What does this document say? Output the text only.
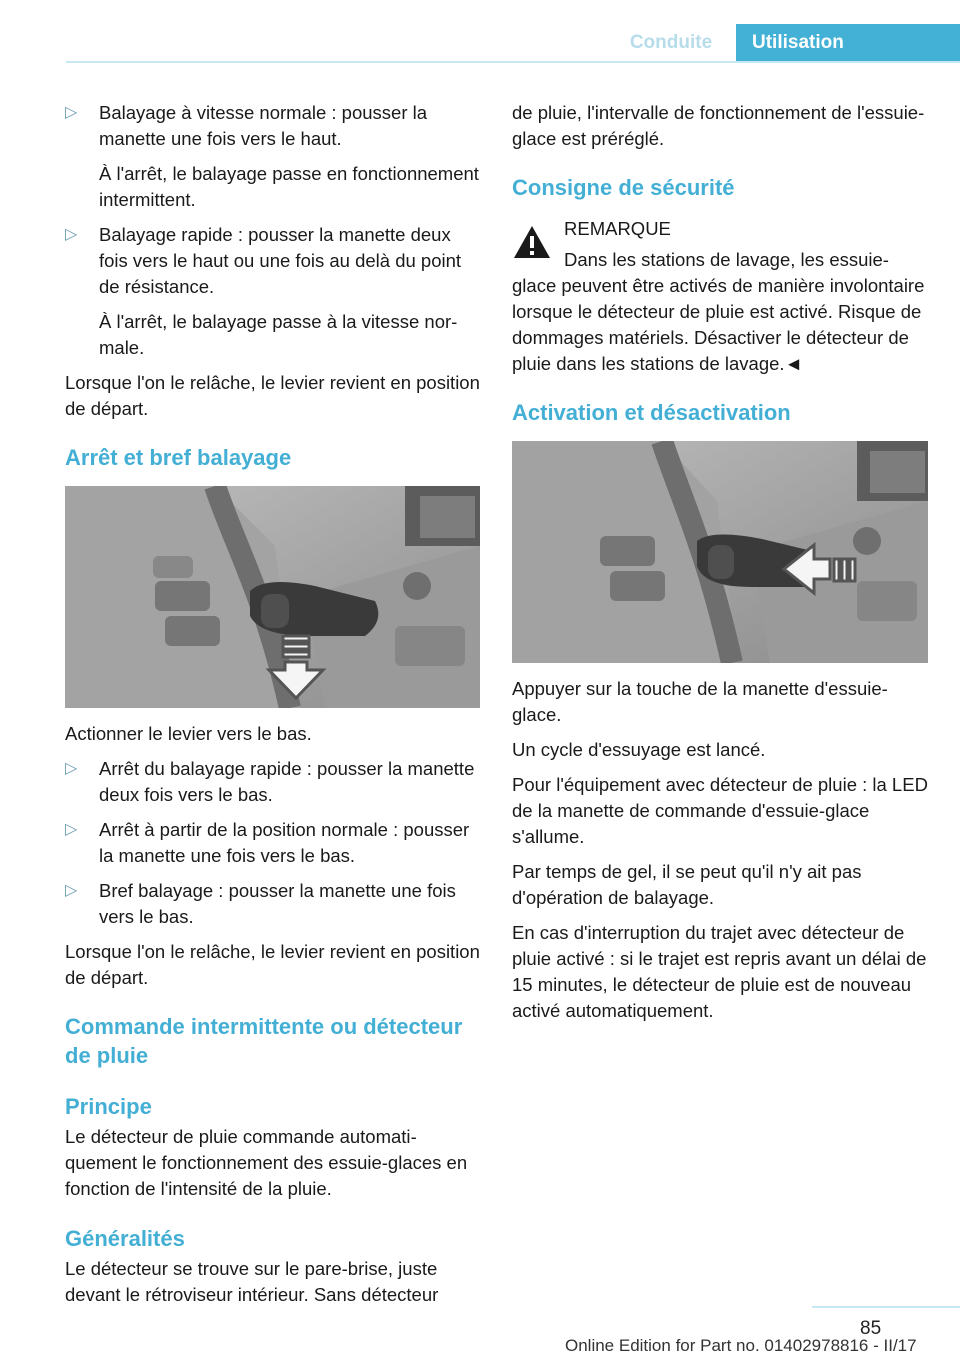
Conduite	Utilisation
▷ Balayage à vitesse normale : pousser la manette une fois vers le haut.

À l'arrêt, le balayage passe en fonctionnement intermittent.

▷ Balayage rapide : pousser la manette deux fois vers le haut ou une fois au delà du point de résistance.

À l'arrêt, le balayage passe à la vitesse normale.

Lorsque l'on le relâche, le levier revient en position de départ.

Arrêt et bref balayage

Actionner le levier vers le bas.

▷ Arrêt du balayage rapide : pousser la manette deux fois vers le bas.
▷ Arrêt à partir de la position normale : pousser la manette une fois vers le bas.
▷ Bref balayage : pousser la manette une fois vers le bas.

Lorsque l'on le relâche, le levier revient en position de départ.

Commande intermittente ou détecteur de pluie
Principe

Le détecteur de pluie commande automatiquement le fonctionnement des essuie-glaces en fonction de l'intensité de la pluie.

Généralités

Le détecteur se trouve sur le pare-brise, juste devant le rétroviseur intérieur. Sans détecteur

de pluie, l'intervalle de fonctionnement de l'essuie-glace est préréglé.

Consigne de sécurité

REMARQUE

Dans les stations de lavage, les essuie-

glace peuvent être activés de manière involontaire lorsque le détecteur de pluie est activé. Risque de dommages matériels. Désactiver le détecteur de pluie dans les stations de lavage.◄

Activation et désactivation

Appuyer sur la touche de la manette d'essuie-glace.

Un cycle d'essuyage est lancé.

Pour l'équipement avec détecteur de pluie : la LED de la manette de commande d'essuie-glace s'allume.

Par temps de gel, il se peut qu'il n'y ait pas d'opération de balayage.

En cas d'interruption du trajet avec détecteur de pluie activé : si le trajet est repris avant un délai de 15 minutes, le détecteur de pluie est de nouveau activé automatiquement.

85
Online Edition for Part no. 01402978816 - II/17
